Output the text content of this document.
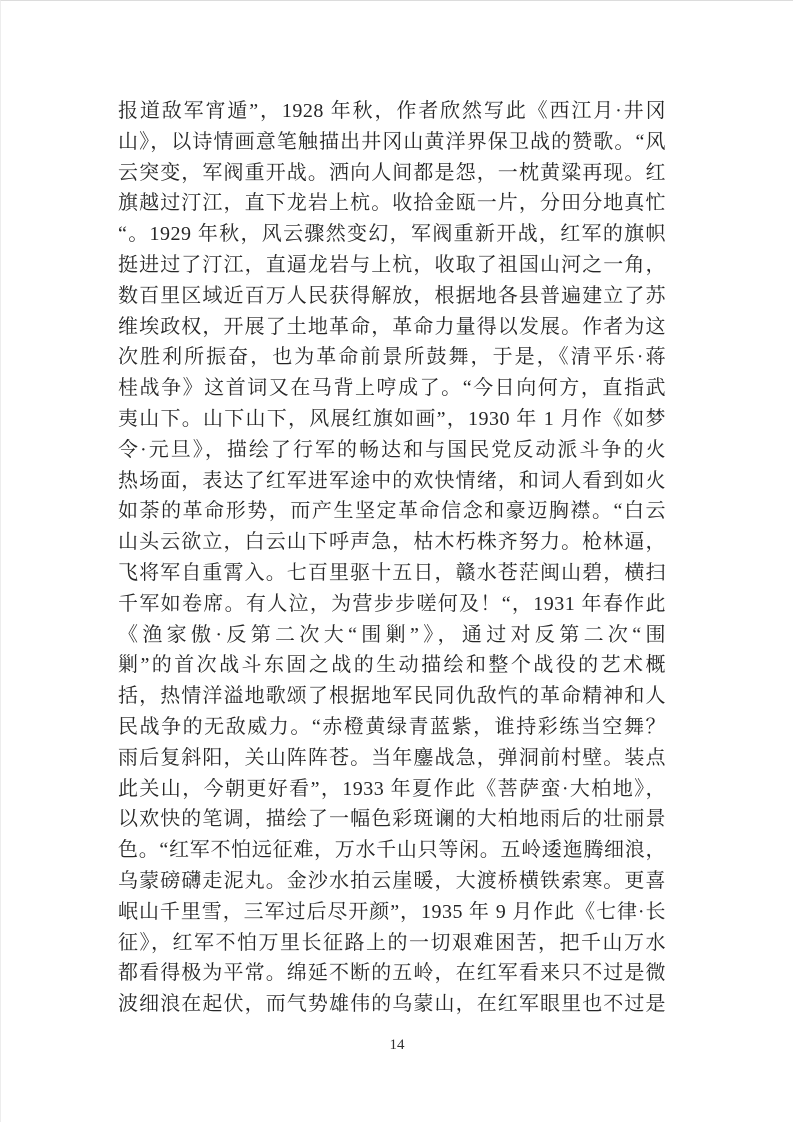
报道敌军宵遁”，1928 年秋，作者欣然写此《西江月·井冈
山》，以诗情画意笔触描出井冈山黄洋界保卫战的赞歌。“风
云突变，军阀重开战。洒向人间都是怨，一枕黄粱再现。红
旗越过汀江，直下龙岩上杭。收拾金瓯一片，分田分地真忙
“。1929 年秋，风云骤然变幻，军阀重新开战，红军的旗帜
挺进过了汀江，直逼龙岩与上杭，收取了祖国山河之一角，
数百里区域近百万人民获得解放，根据地各县普遍建立了苏
维埃政权，开展了土地革命，革命力量得以发展。作者为这
次胜利所振奋，也为革命前景所鼓舞，于是，《清平乐·蒋
桂战争》这首词又在马背上哼成了。“今日向何方，直指武
夷山下。山下山下，风展红旗如画”，1930 年 1 月作《如梦
令·元旦》，描绘了行军的畅达和与国民党反动派斗争的火
热场面，表达了红军进军途中的欢快情绪，和词人看到如火
如荼的革命形势，而产生坚定革命信念和豪迈胸襟。“白云
山头云欲立，白云山下呼声急，枯木朽株齐努力。枪林逼，
飞将军自重霄入。七百里驱十五日，赣水苍茫闽山碧，横扫
千军如卷席。有人泣，为营步步嗟何及！“，1931 年春作此
《渔家傲·反第二次大“围剿”》，通过对反第二次“围
剿”的首次战斗东固之战的生动描绘和整个战役的艺术概
括，热情洋溢地歌颂了根据地军民同仇敌忾的革命精神和人
民战争的无敌威力。“赤橙黄绿青蓝紫，谁持彩练当空舞？
雨后复斜阳，关山阵阵苍。当年鏖战急，弹洞前村壁。装点
此关山，今朝更好看”，1933 年夏作此《菩萨蛮·大柏地》，
以欢快的笔调，描绘了一幅色彩斑谰的大柏地雨后的壮丽景
色。“红军不怕远征难，万水千山只等闲。五岭逶迤腾细浪，
乌蒙磅礴走泥丸。金沙水拍云崖暖，大渡桥横铁索寒。更喜
岷山千里雪，三军过后尽开颜”，1935 年 9 月作此《七律·长
征》，红军不怕万里长征路上的一切艰难困苦，把千山万水
都看得极为平常。绵延不断的五岭，在红军看来只不过是微
波细浪在起伏，而气势雄伟的乌蒙山，在红军眼里也不过是
14
